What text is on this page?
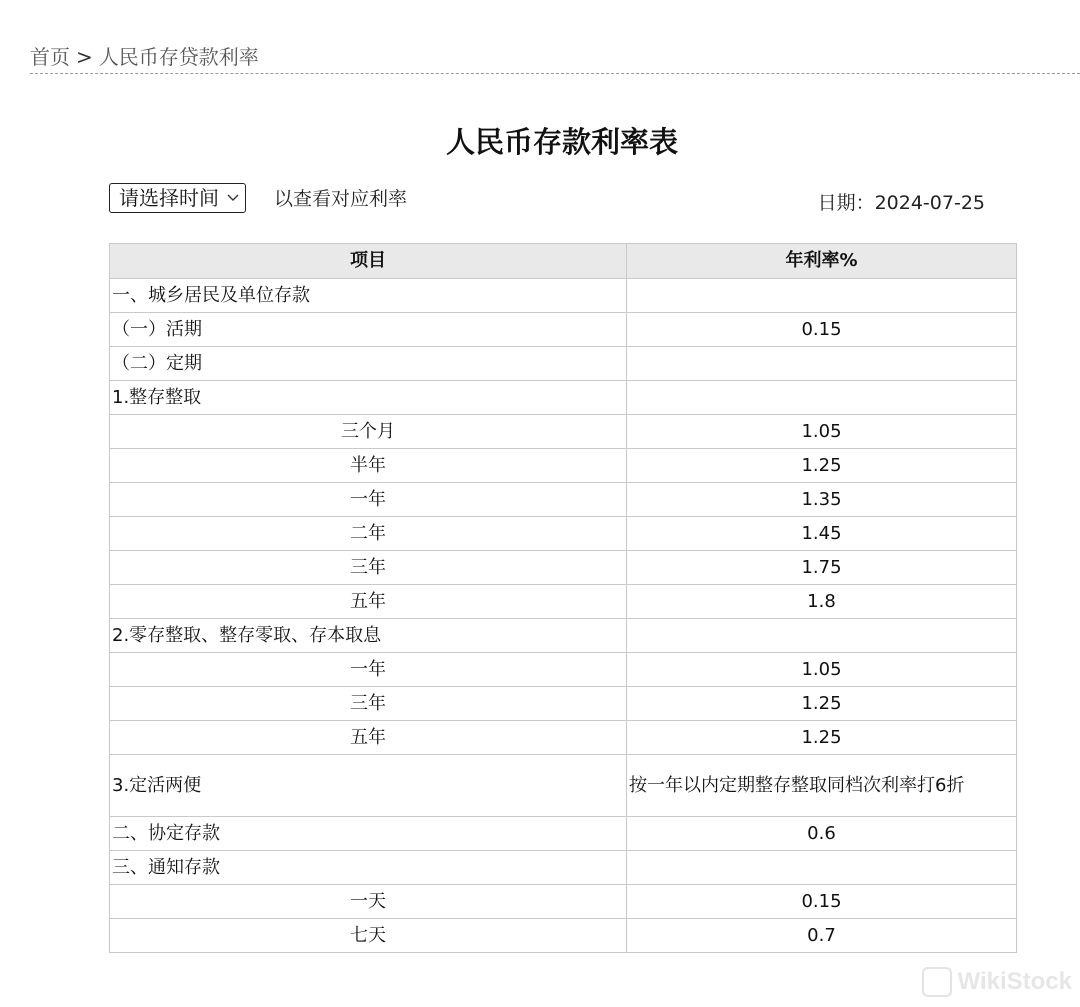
首页 > 人民币存贷款利率
人民币存款利率表
请选择时间	以查看对应利率	日期：2024-07-25
项目	年利率%
一、城乡居民及单位存款	
（一）活期	0.15
（二）定期	
1.整存整取	
三个月	1.05
半年	1.25
一年	1.35
二年	1.45
三年	1.75
五年	1.8
2.零存整取、整存零取、存本取息	
一年	1.05
三年	1.25
五年	1.25
3.定活两便	按一年以内定期整存整取同档次利率打6折
二、协定存款	0.6
三、通知存款	
一天	0.15
七天	0.7
WikiStock
